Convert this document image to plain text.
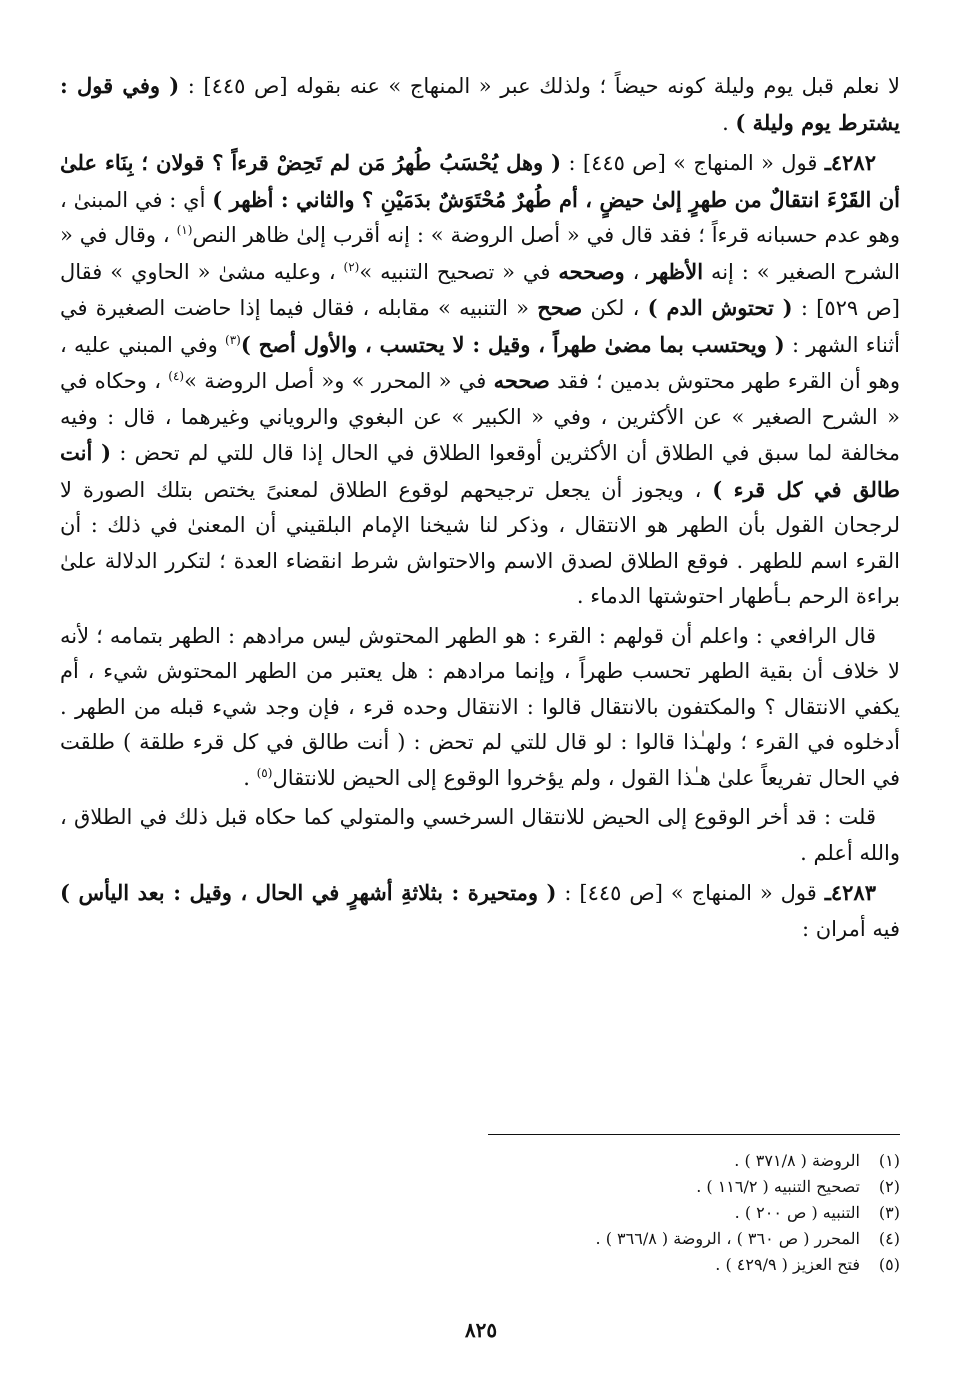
لا نعلم قبل يوم وليلة كونه حيضاً ؛ ولذلك عبر « المنهاج » عنه بقوله [ص ٤٤٥] : ( وفي قول : يشترط يوم وليلة ) .

٤٢٨٢ـ قول « المنهاج » [ص ٤٤٥] : ( وهل يُحْسَبُ طُهرُ مَن لم تَحِضْ قرءاً ؟ قولان ؛ بِنَاء علىٰ أن القَرْءَ انتقالٌ من طهرٍ إلىٰ حيضٍ ، أم طُهرٌ مُحْتَوَشٌ بدَمَيْنِ ؟ والثاني : أظهر ) أي : في المبنىٰ ، وهو عدم حسبانه قرءاً ؛ فقد قال في « أصل الروضة » : إنه أقرب إلىٰ ظاهر النص$^{(١)}$ ، وقال في « الشرح الصغير » : إنه الأظهر ، وصححه في « تصحيح التنبيه »$^{(٢)}$ ، وعليه مشىٰ « الحاوي » فقال [ص ٥٢٩] : ( تحتوش الدم ) ، لكن صحح « التنبيه » مقابله ، فقال فيما إذا حاضت الصغيرة في أثناء الشهر : ( ويحتسب بما مضىٰ طهراً ، وقيل : لا يحتسب ، والأول أصح )$^{(٣)}$ وفي المبني عليه ، وهو أن القرء طهر محتوش بدمين ؛ فقد صححه في « المحرر » و« أصل الروضة »$^{(٤)}$ ، وحكاه في « الشرح الصغير » عن الأكثرين ، وفي « الكبير » عن البغوي والروياني وغيرهما ، قال : وفيه مخالفة لما سبق في الطلاق أن الأكثرين أوقعوا الطلاق في الحال إذا قال للتي لم تحض : ( أنت طالق في كل قرء ) ، ويجوز أن يجعل ترجيحهم لوقوع الطلاق لمعنىً يختص بتلك الصورة لا لرجحان القول بأن الطهر هو الانتقال ، وذكر لنا شيخنا الإمام البلقيني أن المعنىٰ في ذلك : أن القرء اسم للطهر . فوقع الطلاق لصدق الاسم والاحتواش شرط انقضاء العدة ؛ لتكرر الدلالة علىٰ براءة الرحم بـأطهار احتوشتها الدماء .

قال الرافعي : واعلم أن قولهم : القرء : هو الطهر المحتوش ليس مرادهم : الطهر بتمامه ؛ لأنه لا خلاف أن بقية الطهر تحسب طهراً ، وإنما مرادهم : هل يعتبر من الطهر المحتوش شيء ، أم يكفي الانتقال ؟ والمكتفون بالانتقال قالوا : الانتقال وحده قرء ، فإن وجد شيء قبله من الطهر . أدخلوه في القرء ؛ ولهـٰذا قالوا : لو قال للتي لم تحض : ( أنت طالق في كل قرء طلقة ) طلقت في الحال تفريعاً علىٰ هـٰذا القول ، ولم يؤخروا الوقوع إلى الحيض للانتقال$^{(٥)}$ .

قلت : قد أخر الوقوع إلى الحيض للانتقال السرخسي والمتولي كما حكاه قبل ذلك في الطلاق ، والله أعلم .

٤٢٨٣ـ قول « المنهاج » [ص ٤٤٥] : ( ومتحيرة : بثلاثةِ أشهرٍ في الحال ، وقيل : بعد اليأس ) فيه أمران :

(١)الروضة ( ٣٧١/٨ ) .
(٢)تصحيح التنبيه ( ١١٦/٢ ) .
(٣)التنبيه ( ص ٢٠٠ ) .
(٤)المحرر ( ص ٣٦٠ ) ، الروضة ( ٣٦٦/٨ ) .
(٥)فتح العزيز ( ٤٢٩/٩ ) .
٨٢٥
